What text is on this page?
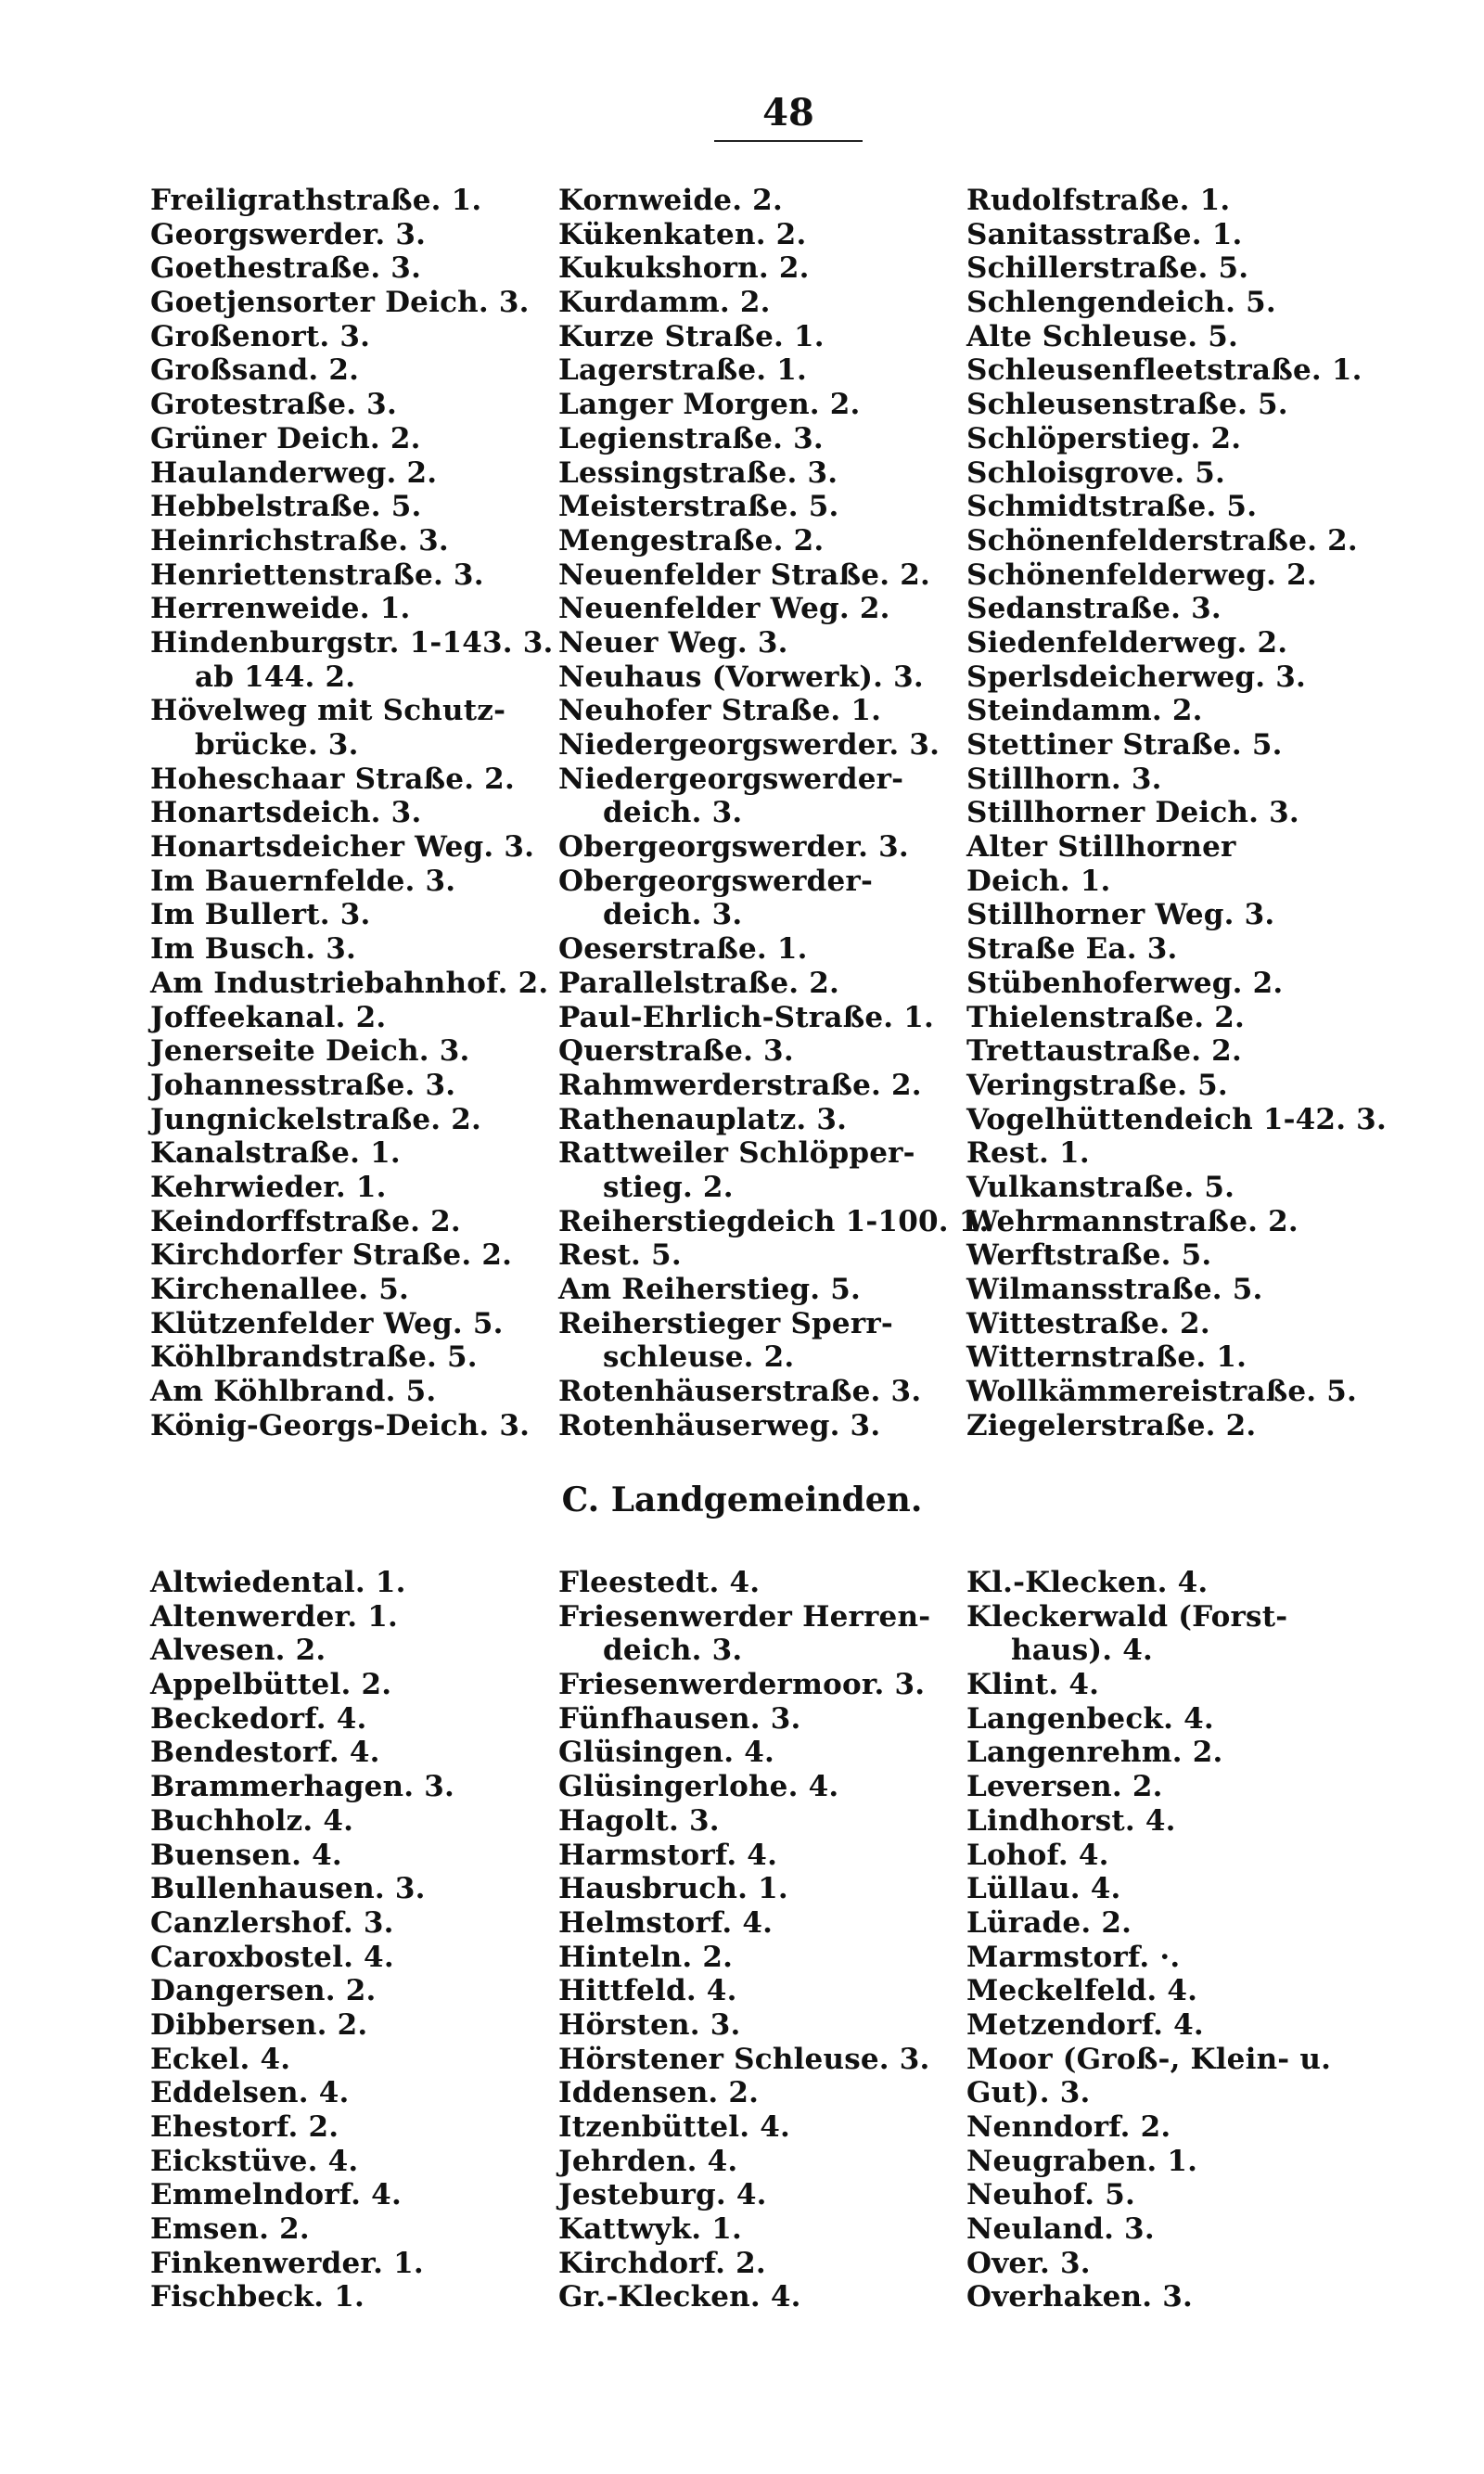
48
Freiligrathstraße. 1.
Georgswerder. 3.
Goethestraße. 3.
Goetjensorter Deich. 3.
Großenort. 3.
Großsand. 2.
Grotestraße. 3.
Grüner Deich. 2.
Haulanderweg. 2.
Hebbelstraße. 5.
Heinrichstraße. 3.
Henriettenstraße. 3.
Herrenweide. 1.
Hindenburgstr. 1-143. 3.
ab 144. 2.
Hövelweg mit Schutz-
brücke. 3.
Hoheschaar Straße. 2.
Honartsdeich. 3.
Honartsdeicher Weg. 3.
Im Bauernfelde. 3.
Im Bullert. 3.
Im Busch. 3.
Am Industriebahnhof. 2.
Joffeekanal. 2.
Jenerseite Deich. 3.
Johannesstraße. 3.
Jungnickelstraße. 2.
Kanalstraße. 1.
Kehrwieder. 1.
Keindorffstraße. 2.
Kirchdorfer Straße. 2.
Kirchenallee. 5.
Klützenfelder Weg. 5.
Köhlbrandstraße. 5.
Am Köhlbrand. 5.
König-Georgs-Deich. 3.
Kornweide. 2.
Kükenkaten. 2.
Kukukshorn. 2.
Kurdamm. 2.
Kurze Straße. 1.
Lagerstraße. 1.
Langer Morgen. 2.
Legienstraße. 3.
Lessingstraße. 3.
Meisterstraße. 5.
Mengestraße. 2.
Neuenfelder Straße. 2.
Neuenfelder Weg. 2.
Neuer Weg. 3.
Neuhaus (Vorwerk). 3.
Neuhofer Straße. 1.
Niedergeorgswerder. 3.
Niedergeorgswerder-
deich. 3.
Obergeorgswerder. 3.
Obergeorgswerder-
deich. 3.
Oeserstraße. 1.
Parallelstraße. 2.
Paul-Ehrlich-Straße. 1.
Querstraße. 3.
Rahmwerderstraße. 2.
Rathenauplatz. 3.
Rattweiler Schlöpper-
stieg. 2.
Reiherstiegdeich 1-100. 1.
Rest. 5.
Am Reiherstieg. 5.
Reiherstieger Sperr-
schleuse. 2.
Rotenhäuserstraße. 3.
Rotenhäuserweg. 3.
Rudolfstraße. 1.
Sanitasstraße. 1.
Schillerstraße. 5.
Schlengendeich. 5.
Alte Schleuse. 5.
Schleusenfleetstraße. 1.
Schleusenstraße. 5.
Schlöperstieg. 2.
Schloisgrove. 5.
Schmidtstraße. 5.
Schönenfelderstraße. 2.
Schönenfelderweg. 2.
Sedanstraße. 3.
Siedenfelderweg. 2.
Sperlsdeicherweg. 3.
Steindamm. 2.
Stettiner Straße. 5.
Stillhorn. 3.
Stillhorner Deich. 3.
Alter Stillhorner
Deich. 1.
Stillhorner Weg. 3.
Straße Ea. 3.
Stübenhoferweg. 2.
Thielenstraße. 2.
Trettaustraße. 2.
Veringstraße. 5.
Vogelhüttendeich 1-42. 3.
Rest. 1.
Vulkanstraße. 5.
Wehrmannstraße. 2.
Werftstraße. 5.
Wilmansstraße. 5.
Wittestraße. 2.
Witternstraße. 1.
Wollkämmereistraße. 5.
Ziegelerstraße. 2.
C. Landgemeinden.
Altwiedental. 1.
Altenwerder. 1.
Alvesen. 2.
Appelbüttel. 2.
Beckedorf. 4.
Bendestorf. 4.
Brammerhagen. 3.
Buchholz. 4.
Buensen. 4.
Bullenhausen. 3.
Canzlershof. 3.
Caroxbostel. 4.
Dangersen. 2.
Dibbersen. 2.
Eckel. 4.
Eddelsen. 4.
Ehestorf. 2.
Eickstüve. 4.
Emmelndorf. 4.
Emsen. 2.
Finkenwerder. 1.
Fischbeck. 1.
Fleestedt. 4.
Friesenwerder Herren-
deich. 3.
Friesenwerdermoor. 3.
Fünfhausen. 3.
Glüsingen. 4.
Glüsingerlohe. 4.
Hagolt. 3.
Harmstorf. 4.
Hausbruch. 1.
Helmstorf. 4.
Hinteln. 2.
Hittfeld. 4.
Hörsten. 3.
Hörstener Schleuse. 3.
Iddensen. 2.
Itzenbüttel. 4.
Jehrden. 4.
Jesteburg. 4.
Kattwyk. 1.
Kirchdorf. 2.
Gr.-Klecken. 4.
Kl.-Klecken. 4.
Kleckerwald (Forst-
haus). 4.
Klint. 4.
Langenbeck. 4.
Langenrehm. 2.
Leversen. 2.
Lindhorst. 4.
Lohof. 4.
Lüllau. 4.
Lürade. 2.
Marmstorf. ·.
Meckelfeld. 4.
Metzendorf. 4.
Moor (Groß-, Klein- u.
Gut). 3.
Nenndorf. 2.
Neugraben. 1.
Neuhof. 5.
Neuland. 3.
Over. 3.
Overhaken. 3.
